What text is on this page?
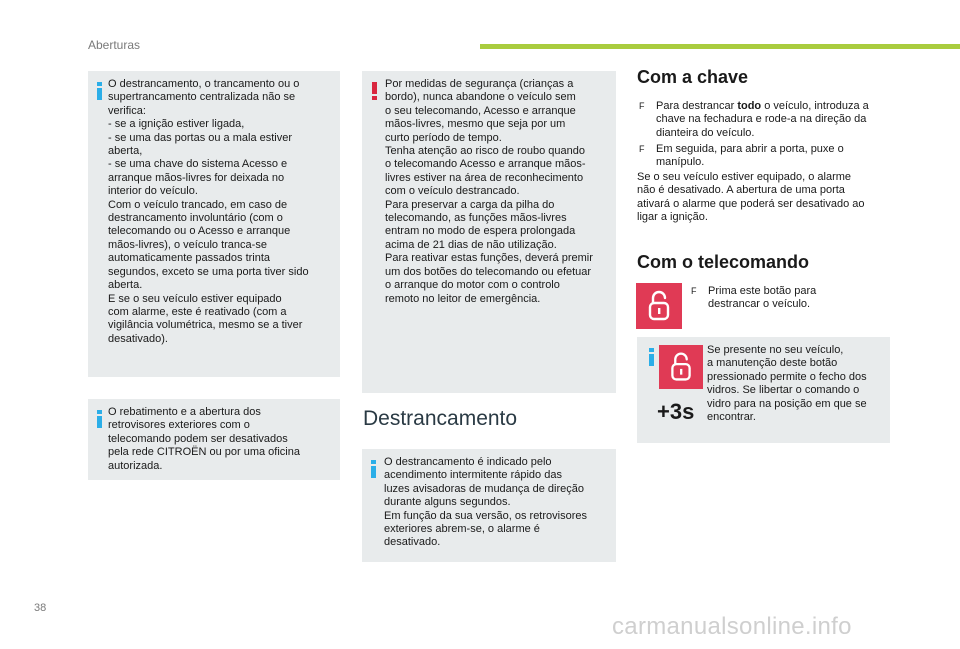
Aberturas
O destrancamento, o trancamento ou o
supertrancamento centralizada não se
verifica:
- se a ignição estiver ligada,
- se uma das portas ou a mala estiver
aberta,
- se uma chave do sistema Acesso e
arranque mãos-livres for deixada no
interior do veículo.
Com o veículo trancado, em caso de
destrancamento involuntário (com o
telecomando ou o Acesso e arranque
mãos-livres), o veículo tranca-se
automaticamente passados trinta
segundos, exceto se uma porta tiver sido
aberta.
E se o seu veículo estiver equipado
com alarme, este é reativado (com a
vigilância volumétrica, mesmo se a tiver
desativado).
O rebatimento e a abertura dos
retrovisores exteriores com o
telecomando podem ser desativados
pela rede CITROËN ou por uma oficina
autorizada.
Por medidas de segurança (crianças a
bordo), nunca abandone o veículo sem
o seu telecomando, Acesso e arranque
mãos-livres, mesmo que seja por um
curto período de tempo.
Tenha atenção ao risco de roubo quando
o telecomando Acesso e arranque mãos-
livres estiver na área de reconhecimento
com o veículo destrancado.
Para preservar a carga da pilha do
telecomando, as funções mãos-livres
entram no modo de espera prolongada
acima de 21 dias de não utilização.
Para reativar estas funções, deverá premir
um dos botões do telecomando ou efetuar
o arranque do motor com o controlo
remoto no leitor de emergência.
Destrancamento
O destrancamento é indicado pelo
acendimento intermitente rápido das
luzes avisadoras de mudança de direção
durante alguns segundos.
Em função da sua versão, os retrovisores
exteriores abrem-se, o alarme é
desativado.
Com a chave
F	Para destrancar todo o veículo, introduza a
chave na fechadura e rode-a na direção da
dianteira do veículo.
F	Em seguida, para abrir a porta, puxe o
manípulo.
Se o seu veículo estiver equipado, o alarme
não é desativado. A abertura de uma porta
ativará o alarme que poderá ser desativado ao
ligar a ignição.
Com o telecomando
F	Prima este botão para
destrancar o veículo.
Se presente no seu veículo,
a manutenção deste botão
pressionado permite o fecho dos
vidros. Se libertar o comando o
vidro para na posição em que se
encontrar.
+3s
38
carmanualsonline.info
